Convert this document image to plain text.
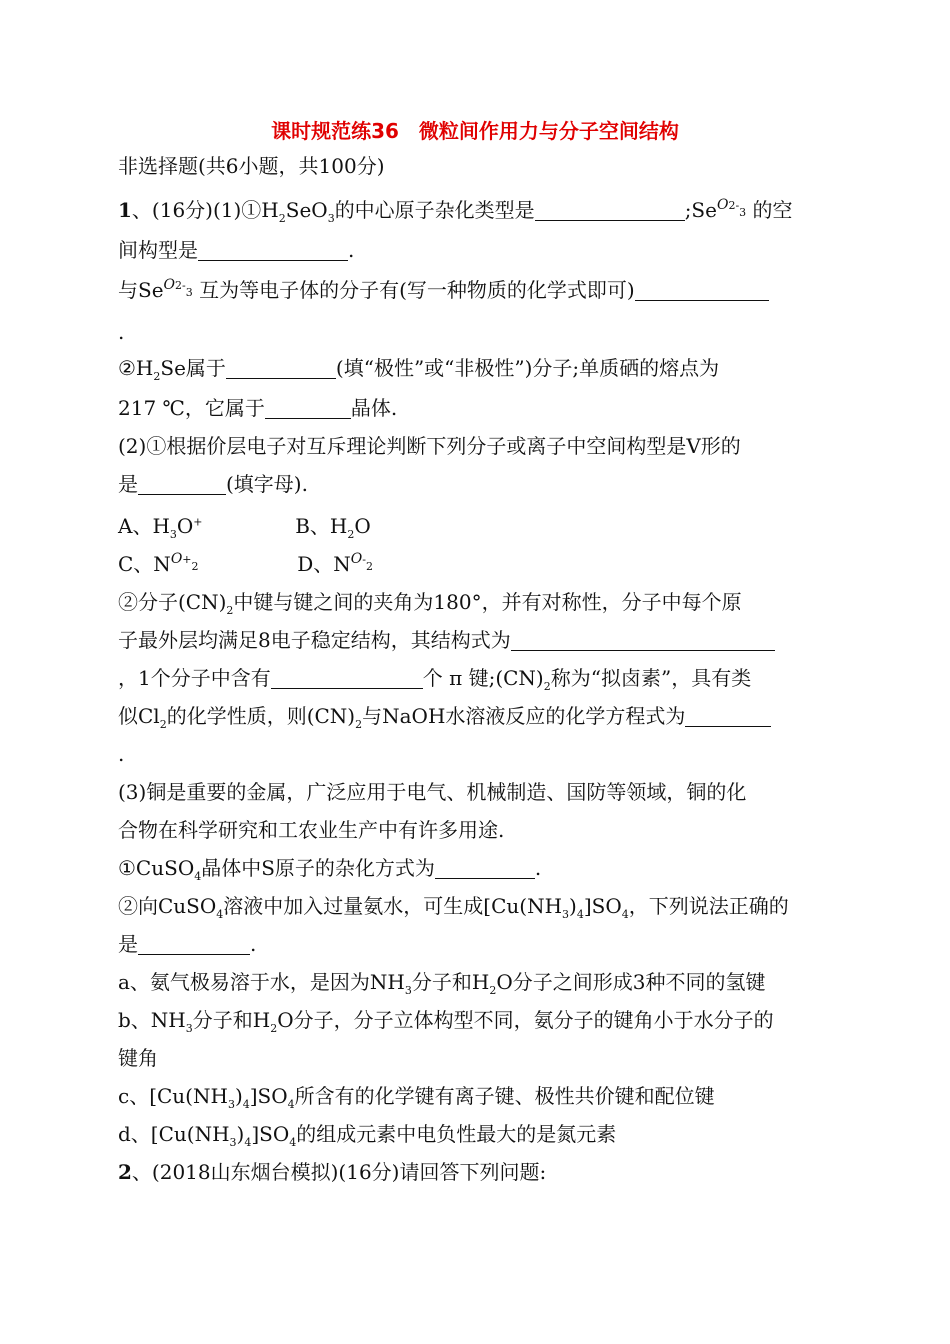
课时规范练36　微粒间作用力与分子空间结构
非选择题(共6小题，共100分)
1、(16分)$(1)①H_2SeO_3$的中心原子杂化类型是	$;Se^{O2-}3$ 的空
间构型是	.
与$Se^{O2-}3$ 互为等电子体的分子有(写一种物质的化学式即可)
.
$②H_2Se$属于	(填“极性”或“非极性”)分子;单质硒的熔点为
217 ℃，它属于	晶体.
(2)①根据价层电子对互斥理论判断下列分子或离子中空间构型是V形的
是	(填字母).
A、$H_3O^+$	B、$H_2O$
C、$N^{O+}2$	D、$N^{O-}2$
②分子$(CN)_2$中键与键之间的夹角为180°，并有对称性，分子中每个原
子最外层均满足8电子稳定结构，其结构式为
，1个分子中含有	个 π 键$;(CN)_2$称为“拟卤素”，具有类
似$Cl_2$的化学性质，则$(CN)_2$与NaOH水溶液反应的化学方程式为
.
(3)铜是重要的金属，广泛应用于电气、机械制造、国防等领域，铜的化
合物在科学研究和工农业生产中有许多用途.
①CuSO$_4$晶体中S原子的杂化方式为	.
②向CuSO$_4$溶液中加入过量氨水，可生成$[Cu(NH_3)_4]SO_4$，下列说法正确的
是	.
a、氨气极易溶于水，是因为$NH_3$分子和$H_2O$分子之间形成3种不同的氢键
b、$NH_3$分子和$H_2O$分子，分子立体构型不同，氨分子的键角小于水分子的
键角
c、$[Cu(NH_3)_4]SO_4$所含有的化学键有离子键、极性共价键和配位键
d、$[Cu(NH_3)_4]SO_4$的组成元素中电负性最大的是氮元素
2、(2018山东烟台模拟)(16分)请回答下列问题:
